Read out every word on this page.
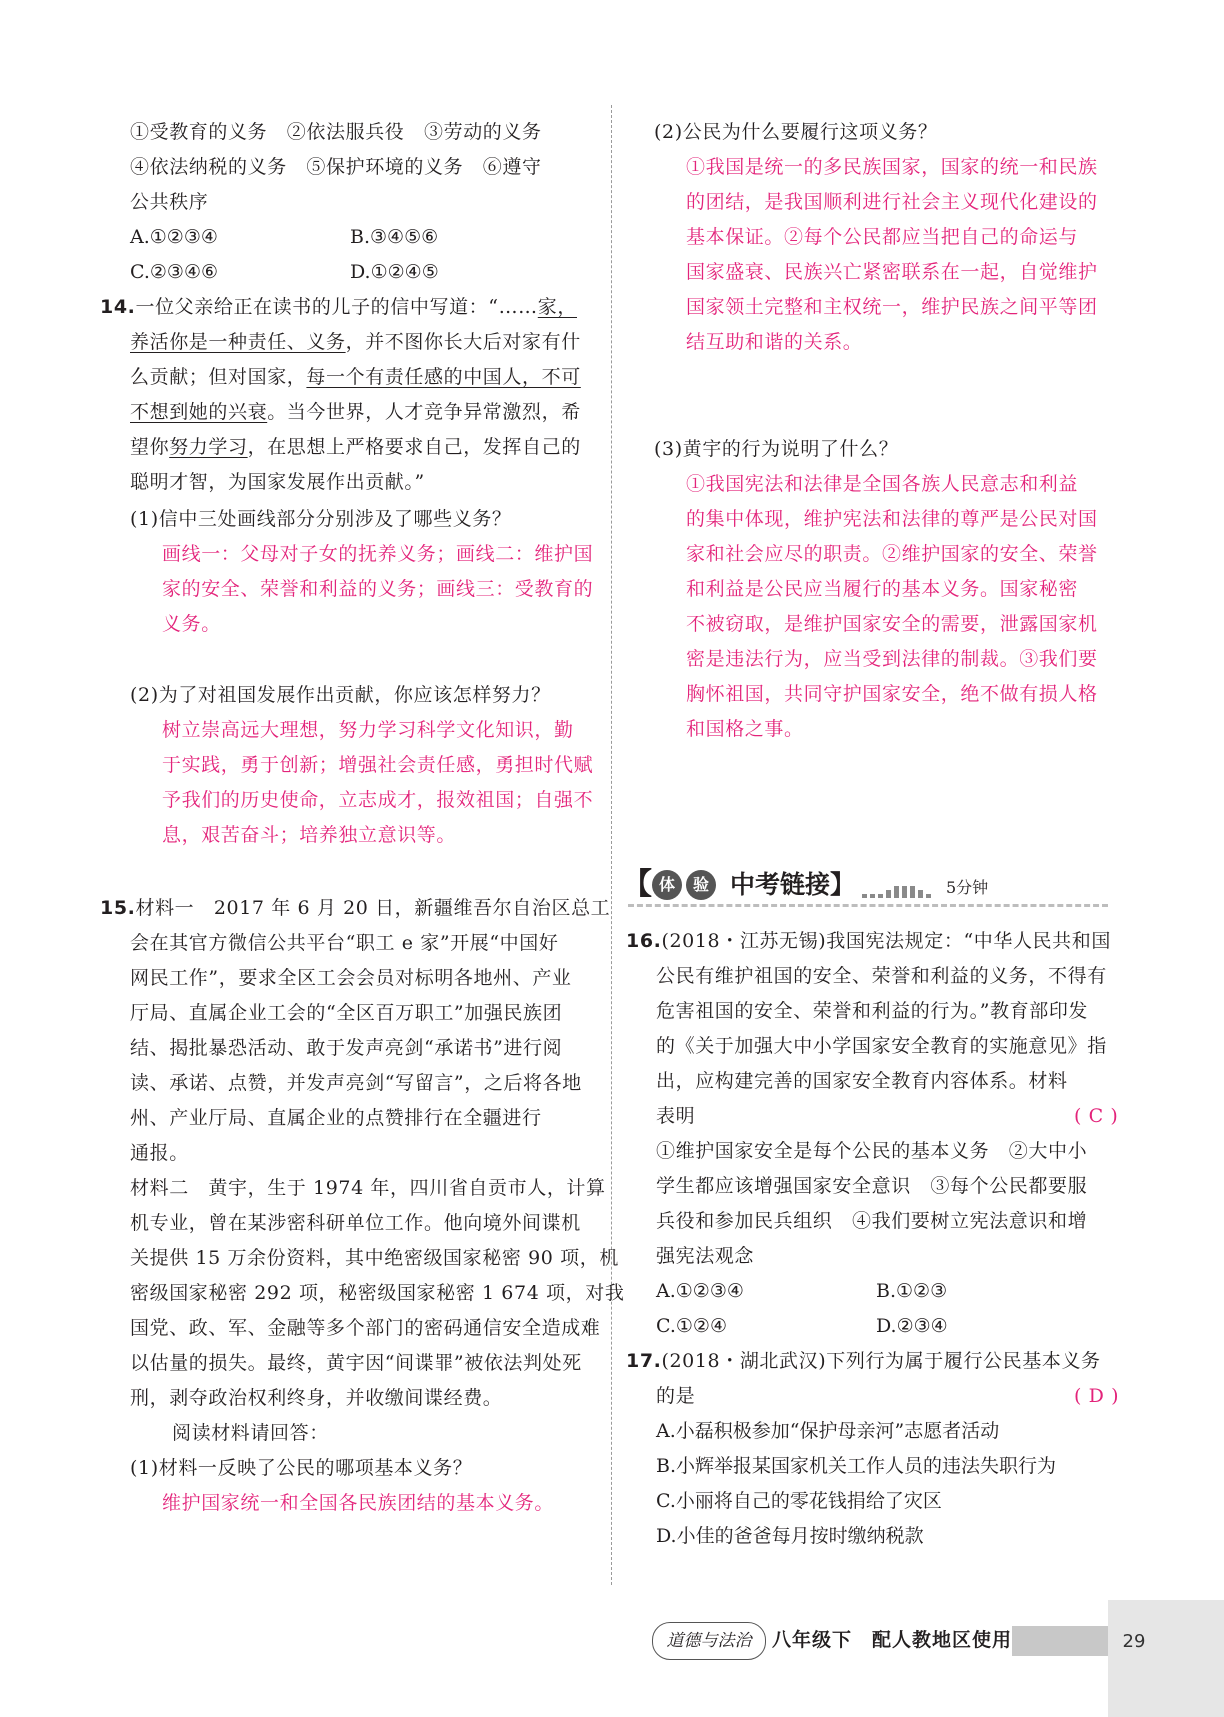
①受教育的义务　②依法服兵役　③劳动的义务
④依法纳税的义务　⑤保护环境的义务　⑥遵守
公共秩序
A.①②③④	B.③④⑤⑥
C.②③④⑥	D.①②④⑤
14.一位父亲给正在读书的儿子的信中写道：“……家，
养活你是一种责任、义务，并不图你长大后对家有什
么贡献；但对国家，每一个有责任感的中国人，不可
不想到她的兴衰。当今世界，人才竞争异常激烈，希
望你努力学习，在思想上严格要求自己，发挥自己的
聪明才智，为国家发展作出贡献。”
(1)信中三处画线部分分别涉及了哪些义务？
画线一：父母对子女的抚养义务；画线二：维护国
家的安全、荣誉和利益的义务；画线三：受教育的
义务。
(2)为了对祖国发展作出贡献，你应该怎样努力？
树立崇高远大理想，努力学习科学文化知识，勤
于实践，勇于创新；增强社会责任感，勇担时代赋
予我们的历史使命，立志成才，报效祖国；自强不
息，艰苦奋斗；培养独立意识等。
15.材料一　2017 年 6 月 20 日，新疆维吾尔自治区总工
会在其官方微信公共平台“职工 e 家”开展“中国好
网民工作”，要求全区工会会员对标明各地州、产业
厅局、直属企业工会的“全区百万职工”加强民族团
结、揭批暴恐活动、敢于发声亮剑“承诺书”进行阅
读、承诺、点赞，并发声亮剑“写留言”，之后将各地
州、产业厅局、直属企业的点赞排行在全疆进行
通报。
材料二　黄宇，生于 1974 年，四川省自贡市人，计算
机专业，曾在某涉密科研单位工作。他向境外间谍机
关提供 15 万余份资料，其中绝密级国家秘密 90 项，机
密级国家秘密 292 项，秘密级国家秘密 1 674 项，对我
国党、政、军、金融等多个部门的密码通信安全造成难
以估量的损失。最终，黄宇因“间谍罪”被依法判处死
刑，剥夺政治权利终身，并收缴间谍经费。
阅读材料请回答：
(1)材料一反映了公民的哪项基本义务？
维护国家统一和全国各民族团结的基本义务。
(2)公民为什么要履行这项义务？
①我国是统一的多民族国家，国家的统一和民族
的团结，是我国顺利进行社会主义现代化建设的
基本保证。②每个公民都应当把自己的命运与
国家盛衰、民族兴亡紧密联系在一起，自觉维护
国家领土完整和主权统一，维护民族之间平等团
结互助和谐的关系。
(3)黄宇的行为说明了什么？
①我国宪法和法律是全国各族人民意志和利益
的集中体现，维护宪法和法律的尊严是公民对国
家和社会应尽的职责。②维护国家的安全、荣誉
和利益是公民应当履行的基本义务。国家秘密
不被窃取，是维护国家安全的需要，泄露国家机
密是违法行为，应当受到法律的制裁。③我们要
胸怀祖国，共同守护国家安全，绝不做有损人格
和国格之事。
【 体	验 中考链接】	5分钟
16.(2018・江苏无锡)我国宪法规定：“中华人民共和国
公民有维护祖国的安全、荣誉和利益的义务，不得有
危害祖国的安全、荣誉和利益的行为。”教育部印发
的《关于加强大中小学国家安全教育的实施意见》指
出，应构建完善的国家安全教育内容体系。材料
表明	( C )
①维护国家安全是每个公民的基本义务　②大中小
学生都应该增强国家安全意识　③每个公民都要服
兵役和参加民兵组织　④我们要树立宪法意识和增
强宪法观念
A.①②③④	B.①②③
C.①②④	D.②③④
17.(2018・湖北武汉)下列行为属于履行公民基本义务
的是	( D )
A.小磊积极参加“保护母亲河”志愿者活动
B.小辉举报某国家机关工作人员的违法失职行为
C.小丽将自己的零花钱捐给了灾区
D.小佳的爸爸每月按时缴纳税款
道德与法治	八年级下　配人教地区使用	29
